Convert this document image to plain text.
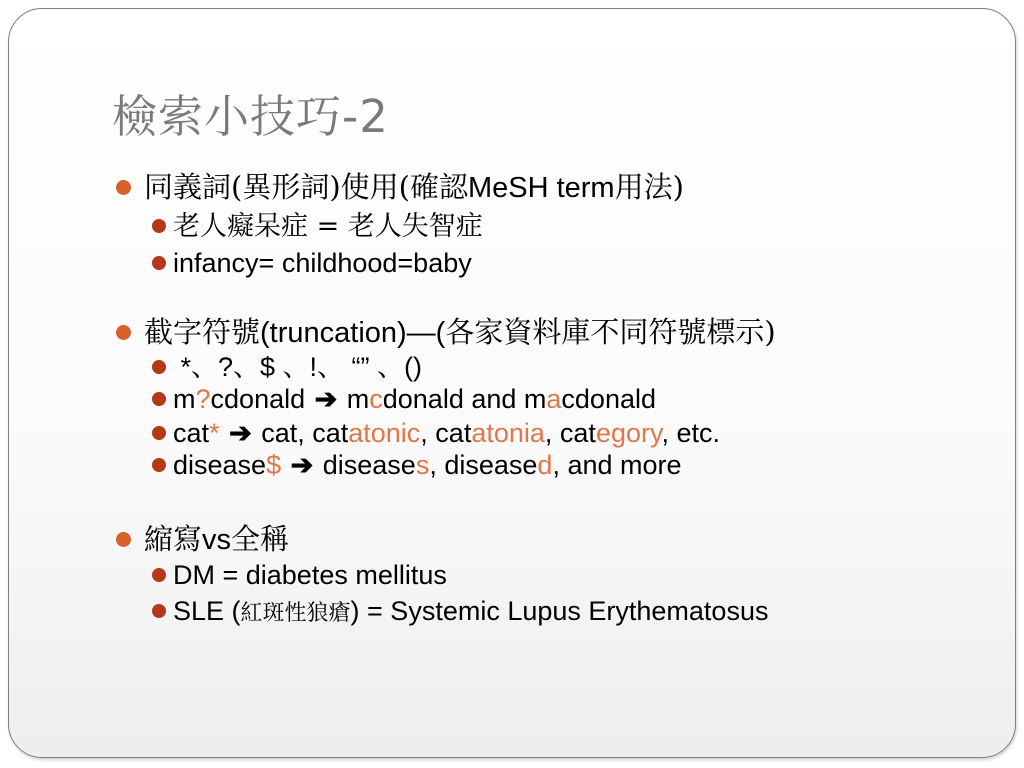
檢索小技巧-2
同義詞(異形詞)使用(確認MeSH term用法)
老人癡呆症 = 老人失智症
infancy= childhood=baby
截字符號(truncation)—(各家資料庫不同符號標示)
*、?、$ 、!、 “” 、()
m?cdonald ➔ mcdonald and macdonald
cat* ➔ cat, catatonic, catatonia, category, etc.
disease$ ➔ diseases, diseased, and more
縮寫vs全稱
DM = diabetes mellitus
SLE (紅斑性狼瘡) = Systemic Lupus Erythematosus
